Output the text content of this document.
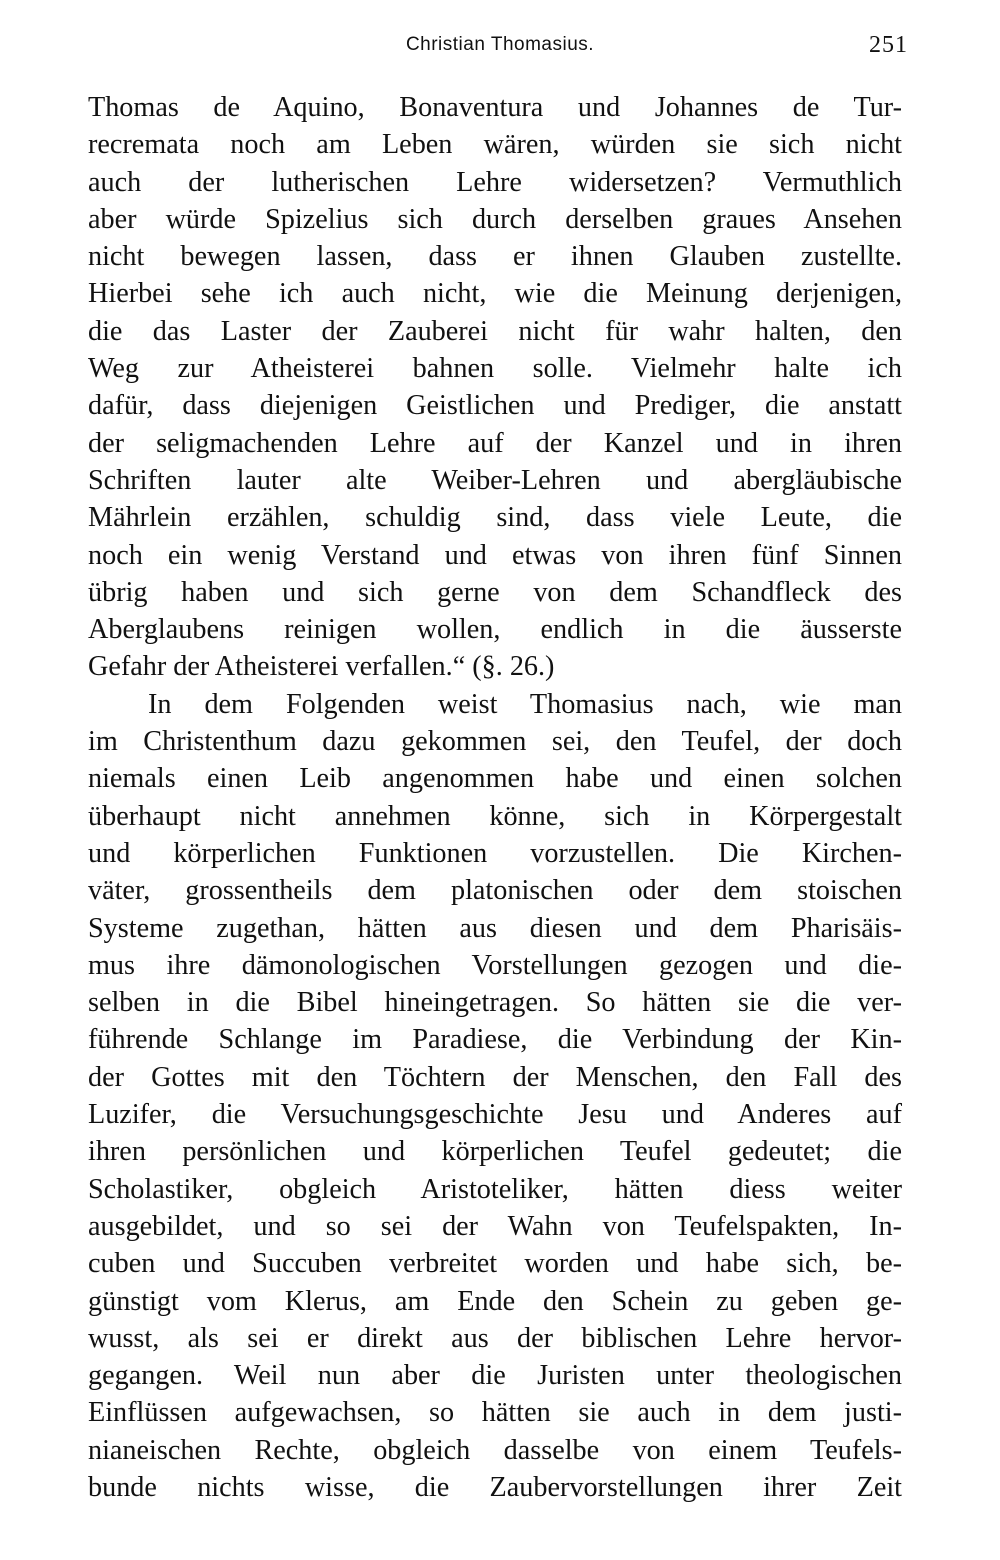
Christian Thomasius.	251
Thomas de Aquino, Bonaventura und Johannes de Tur-
recremata noch am Leben wären, würden sie sich nicht
auch der lutherischen Lehre widersetzen? Vermuthlich
aber würde Spizelius sich durch derselben graues Ansehen
nicht bewegen lassen, dass er ihnen Glauben zustellte.
Hierbei sehe ich auch nicht, wie die Meinung derjenigen,
die das Laster der Zauberei nicht für wahr halten, den
Weg zur Atheisterei bahnen solle. Vielmehr halte ich
dafür, dass diejenigen Geistlichen und Prediger, die anstatt
der seligmachenden Lehre auf der Kanzel und in ihren
Schriften lauter alte Weiber-Lehren und abergläubische
Mährlein erzählen, schuldig sind, dass viele Leute, die
noch ein wenig Verstand und etwas von ihren fünf Sinnen
übrig haben und sich gerne von dem Schandfleck des
Aberglaubens reinigen wollen, endlich in die äusserste
Gefahr der Atheisterei verfallen.“ (§. 26.)
In dem Folgenden weist Thomasius nach, wie man
im Christenthum dazu gekommen sei, den Teufel, der doch
niemals einen Leib angenommen habe und einen solchen
überhaupt nicht annehmen könne, sich in Körpergestalt
und körperlichen Funktionen vorzustellen. Die Kirchen-
väter, grossentheils dem platonischen oder dem stoischen
Systeme zugethan, hätten aus diesen und dem Pharisäis-
mus ihre dämonologischen Vorstellungen gezogen und die-
selben in die Bibel hineingetragen. So hätten sie die ver-
führende Schlange im Paradiese, die Verbindung der Kin-
der Gottes mit den Töchtern der Menschen, den Fall des
Luzifer, die Versuchungsgeschichte Jesu und Anderes auf
ihren persönlichen und körperlichen Teufel gedeutet; die
Scholastiker, obgleich Aristoteliker, hätten diess weiter
ausgebildet, und so sei der Wahn von Teufelspakten, In-
cuben und Succuben verbreitet worden und habe sich, be-
günstigt vom Klerus, am Ende den Schein zu geben ge-
wusst, als sei er direkt aus der biblischen Lehre hervor-
gegangen. Weil nun aber die Juristen unter theologischen
Einflüssen aufgewachsen, so hätten sie auch in dem justi-
nianeischen Rechte, obgleich dasselbe von einem Teufels-
bunde nichts wisse, die Zaubervorstellungen ihrer Zeit
